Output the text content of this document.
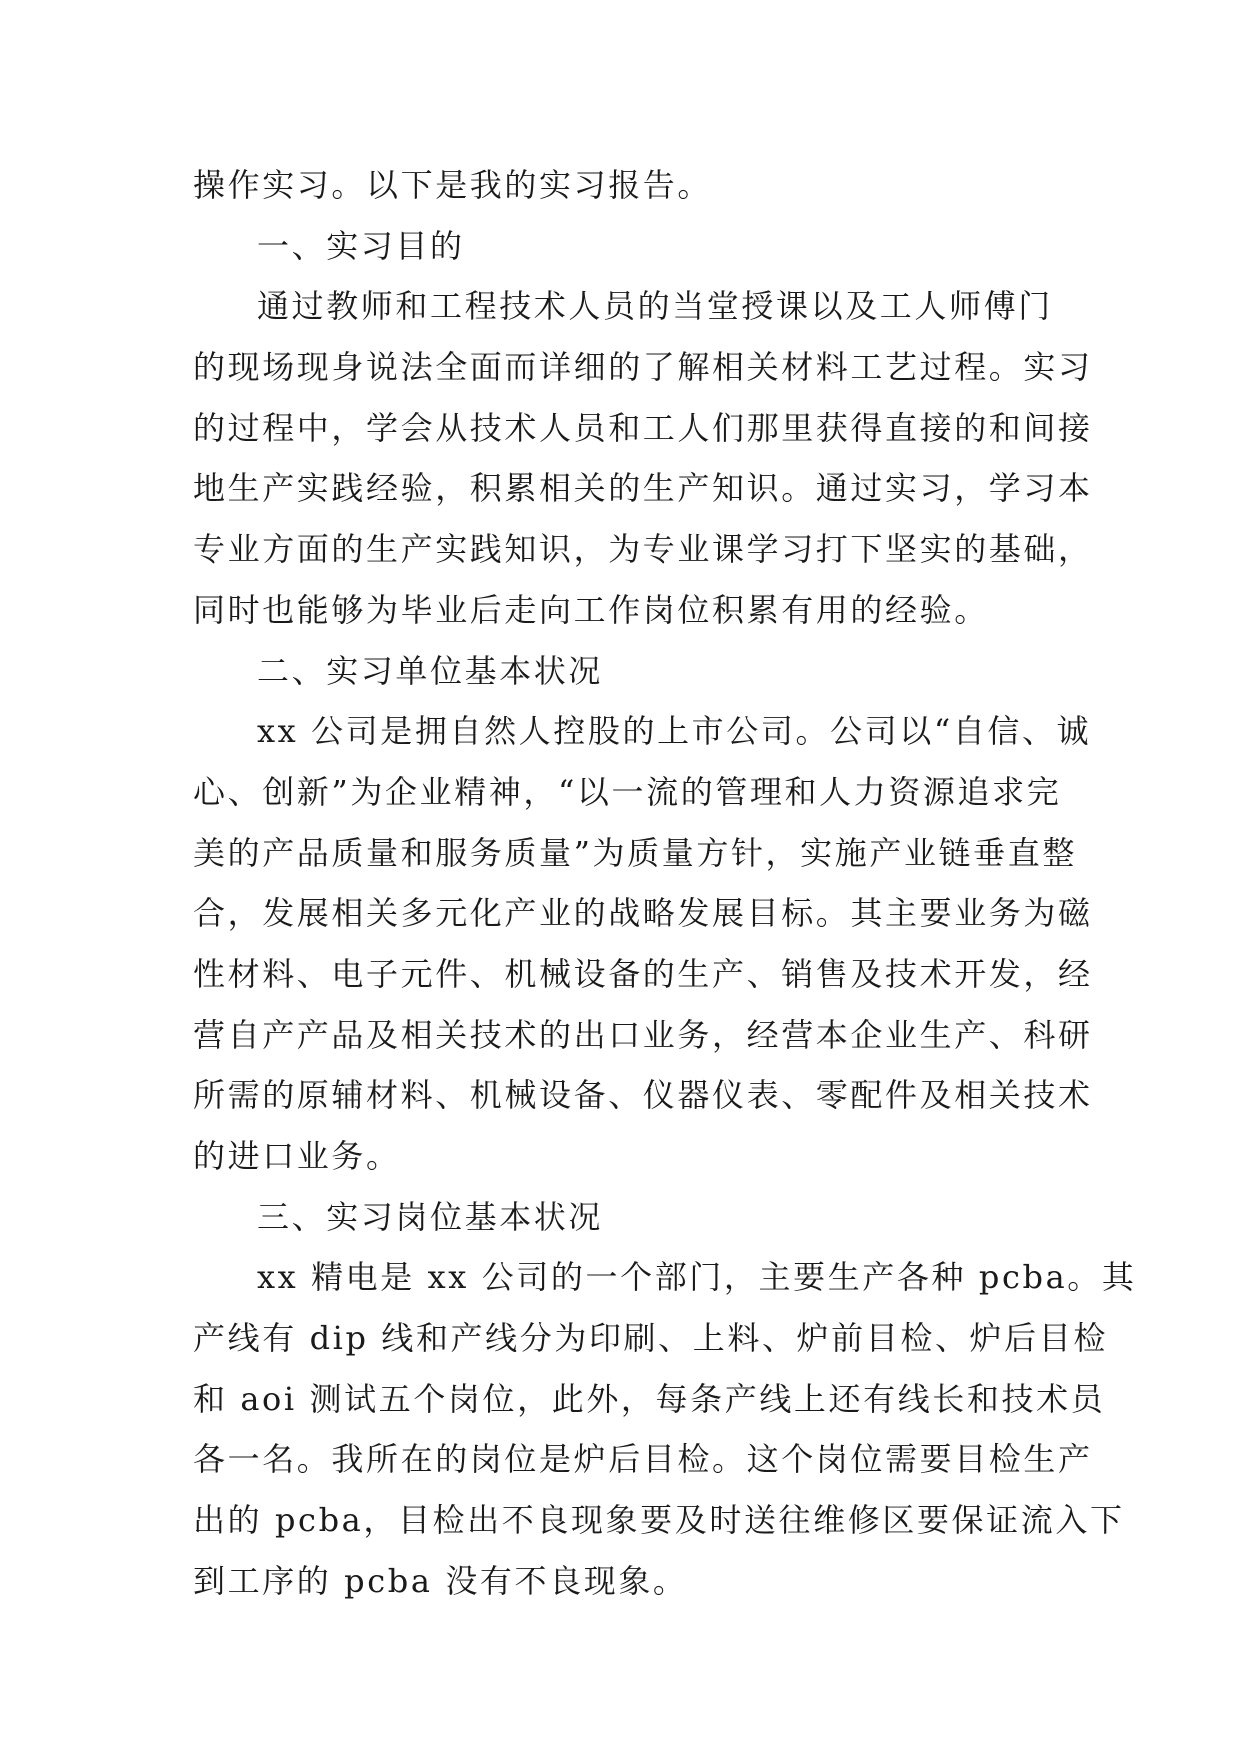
操作实习。以下是我的实习报告。
一、实习目的
通过教师和工程技术人员的当堂授课以及工人师傅门
的现场现身说法全面而详细的了解相关材料工艺过程。实习
的过程中，学会从技术人员和工人们那里获得直接的和间接
地生产实践经验，积累相关的生产知识。通过实习，学习本
专业方面的生产实践知识，为专业课学习打下坚实的基础，
同时也能够为毕业后走向工作岗位积累有用的经验。
二、实习单位基本状况
xx 公司是拥自然人控股的上市公司。公司以“自信、诚
心、创新”为企业精神，“以一流的管理和人力资源追求完
美的产品质量和服务质量”为质量方针，实施产业链垂直整
合，发展相关多元化产业的战略发展目标。其主要业务为磁
性材料、电子元件、机械设备的生产、销售及技术开发，经
营自产产品及相关技术的出口业务，经营本企业生产、科研
所需的原辅材料、机械设备、仪器仪表、零配件及相关技术
的进口业务。
三、实习岗位基本状况
xx 精电是 xx 公司的一个部门，主要生产各种 pcba。其
产线有 dip 线和产线分为印刷、上料、炉前目检、炉后目检
和 aoi 测试五个岗位，此外，每条产线上还有线长和技术员
各一名。我所在的岗位是炉后目检。这个岗位需要目检生产
出的 pcba，目检出不良现象要及时送往维修区要保证流入下
到工序的 pcba 没有不良现象。
